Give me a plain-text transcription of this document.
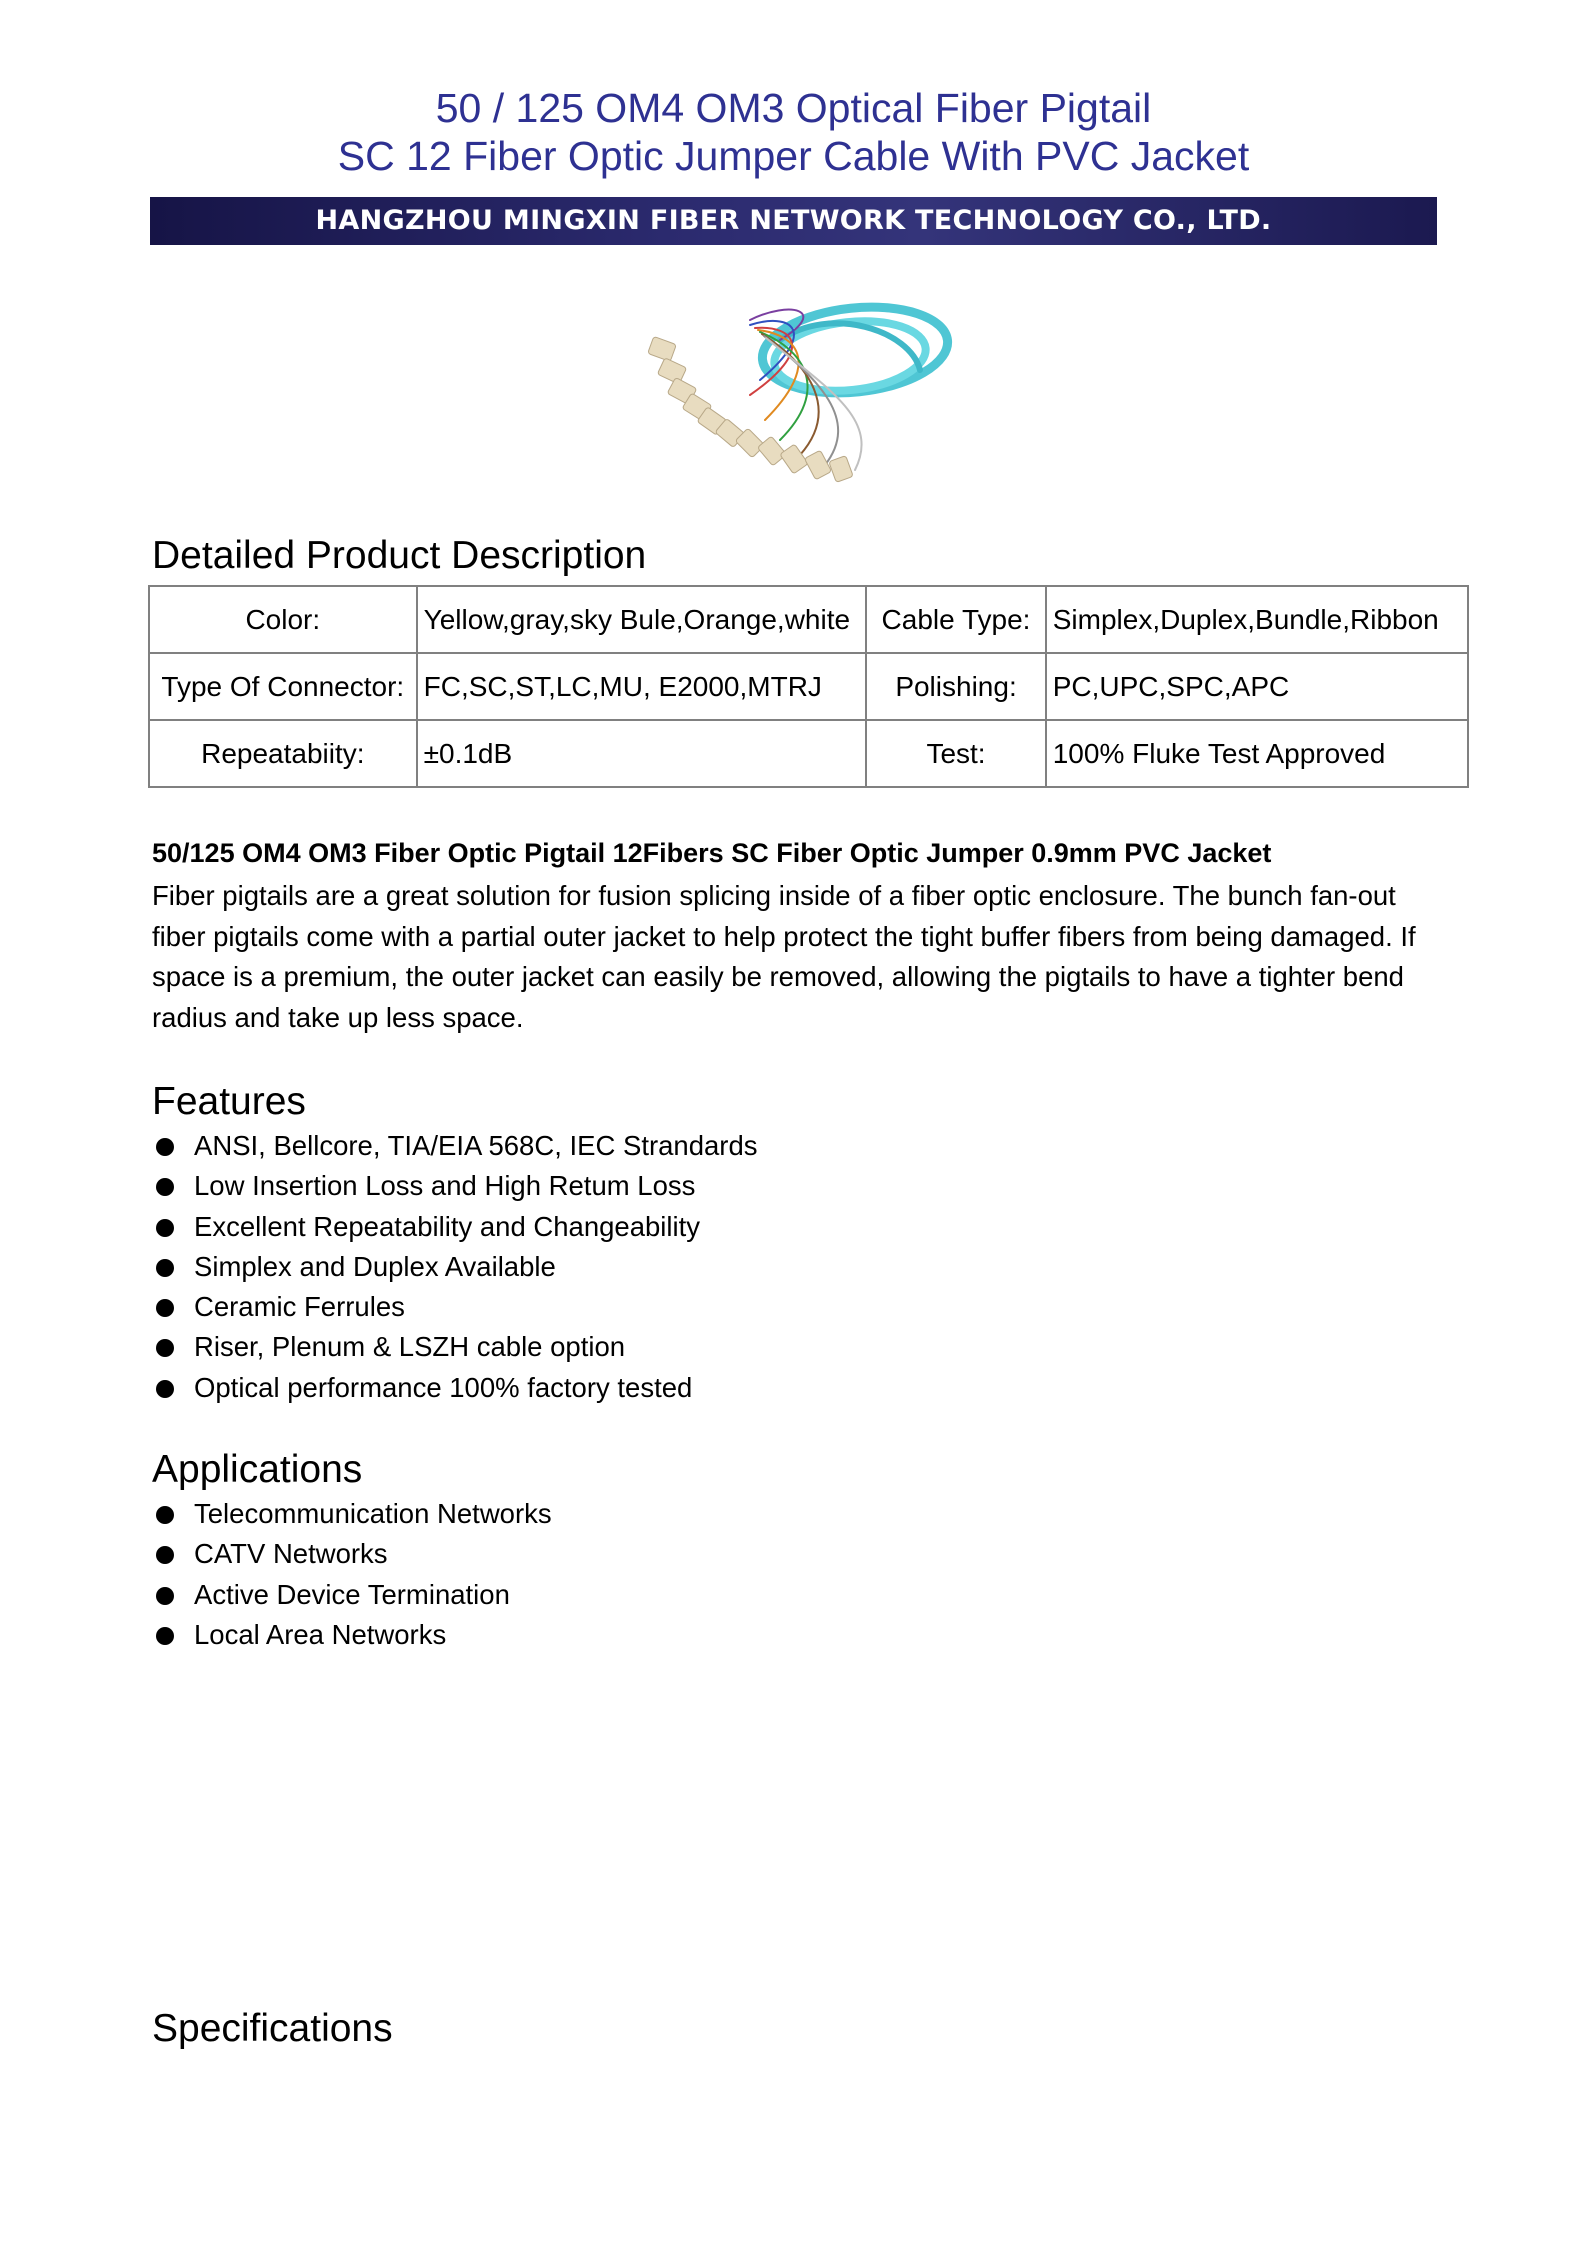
50 / 125 OM4 OM3 Optical Fiber Pigtail
SC 12 Fiber Optic Jumper Cable With PVC Jacket
HANGZHOU MINGXIN FIBER NETWORK TECHNOLOGY CO., LTD.
Detailed Product Description
Color:	Yellow,gray,sky Bule,Orange,white	Cable Type:	Simplex,Duplex,Bundle,Ribbon
Type Of Connector:	FC,SC,ST,LC,MU, E2000,MTRJ	Polishing:	PC,UPC,SPC,APC
Repeatabiity:	±0.1dB	Test:	100% Fluke Test Approved
50/125 OM4 OM3 Fiber Optic Pigtail 12Fibers SC Fiber Optic Jumper 0.9mm PVC Jacket

Fiber pigtails are a great solution for fusion splicing inside of a fiber optic enclosure. The bunch fan-out
fiber pigtails come with a partial outer jacket to help protect the tight buffer fibers from being damaged. If
space is a premium, the outer jacket can easily be removed, allowing the pigtails to have a tighter bend
radius and take up less space.

Features
ANSI, Bellcore, TIA/EIA 568C, IEC Strandards
Low Insertion Loss and High Retum Loss
Excellent Repeatability and Changeability
Simplex and Duplex Available
Ceramic Ferrules
Riser, Plenum & LSZH cable option
Optical performance 100% factory tested
Applications
Telecommunication Networks
CATV Networks
Active Device Termination
Local Area Networks
Specifications
